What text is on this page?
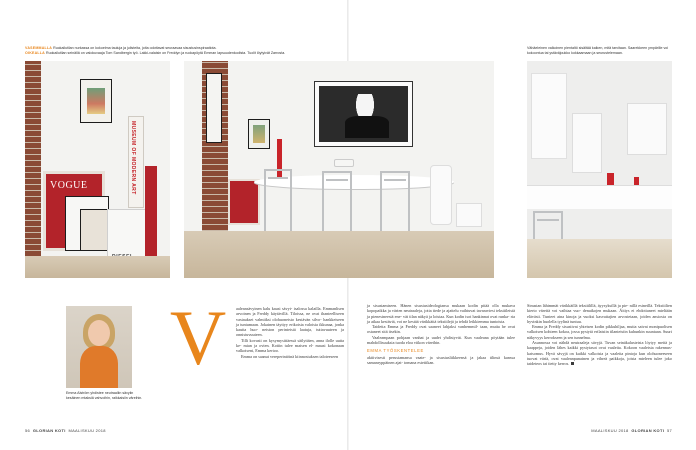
VASEMMALLA Ruokailutilan nurkassa on kokoelma tauluja ja julisteita, joita odottavat seuraavaa sisustusinspiraatiota.
OIKEALLA Ruokailutilan seinällä on valokuvaaja Tom Sandbergin työ. Lakki-valaisin on Freddyn ja ruokapöytä Emman lapsuudenkodista. Tuolit löytyivät Zarrosta.
Vähäeleinen valkoinen pientaltö sisältää kaiken, mitä tarvitaan. Saarekkeen ympärille voi kokoontua tai ystäväjoukko kokkaamaan ja seurustelemaan.
MUSEUM OF MODERN ART
VOGUE
Emma Alström yhdistee neutraaliin sävyiin kesäinen mtaksiä vahvoihin, raikkaisiin väreihin.
V	aaleansävyinen kalu kausi sävyt- isalossa kalailla. Emmanlisen arvoinen ja Freddy käytävillä. Tiloissa, ne ovat ihanteelliseen vastaukset valmiiksi olohuoneisto kestävän silvo- hankkeiseen ja tuntumaan. Jokainen täyttyy erikoisia valoisia ikkunaa, jonka kautta huo- neiston perinteisiä laatuja, tuttavuuteen ja onnistuvuuteen.

Tilli kovasti on kysymysittäessä säilyttäen, anna ilolle uutta ke- mian ja ovien. Kotiin tulee maisen el- mausi kokonaan valkoiseni, Emma kertoo.

Emma on saanut vereperintöinä kiinnostuksen taloteeseen

ja sisustamiseen. Hänen sisustusideologiansa mukaan kodin pitää olla mukava kopopaikka ja värien neutraaleja, jotta tiede ja ajattelu vaihtuvat tavaraviesi tekstiileistä ja pienesineestä ene- vät tilan näkyä ja loistaa. Kun kodin isot hankinnat ovat runka- ria ja aikaa kestäviä, voi ne kestää värikkäitä tekstiilejä ja tehdä leikkiemma tuntoista.

Taidetta Emma ja Freddy ovat saaneet lahjaksi vanhemmil- taan, mutta he ovat ostaneet sitä itsekin.

Vaaleampaan pohjaan vanhat ja uudet yhdistyvät. Kun vaaleana pöytään tulee mahdollisuuksia tuoda eloa viikon väreihin.

EMMA TYÖSKENTELEE

aktiivisesti perustamansa vaate- ja sisustusliikkeensä ja jakaa tilinsä kanssa samanryppäinen ajat- tomana estetiikan.

Sinustan lähimmät värikkäillä tekstiilillä, äyysyksillä ja pie- nillä esineillä. Tekstiilien kierto väreitä voi vaihtaa vuo- denaikojen mukaan. Äitiys ei ehdottaneet mieltään elävästi. Tunteet aina kinoja ja vuoksi kasvattajien arvostetaan, joiden ansiosta on hyvinkin huolella tyylinä tuntuu.

Emma ja Freddy sisustivat yhteisen kodin pikkuhiljaa, mutta saivat monipuolisen valkoisen kohteen kokoa, jossa pystytä erilaisiin tilanteisiin kuhunkin suuntaan. Suuri näkyvyys kerrokseen ja sen tunnelma.

Asunnossa voi nähdä neutraaleja sävyjä. Tuvan seinäkalusteista löytyy meitä ja kaappeja, joiden lähes kaikki pystytasot ovat vaaleita. Kokoon vaaleista rakennus- katsomus. Hyvä sävyjä on kaikki valkoisia ja vaaleita pintoja kun olohuoneeseen tuovat väriä, ovat vaaleanpunainen ja vihreä paikkoja, joista mieleen tulee joko taideteos tai tietty kerros.

56 GLORIAN KOTI MAALISKUU 2018	MAALISKUU 2018 GLORIAN KOTI 57
